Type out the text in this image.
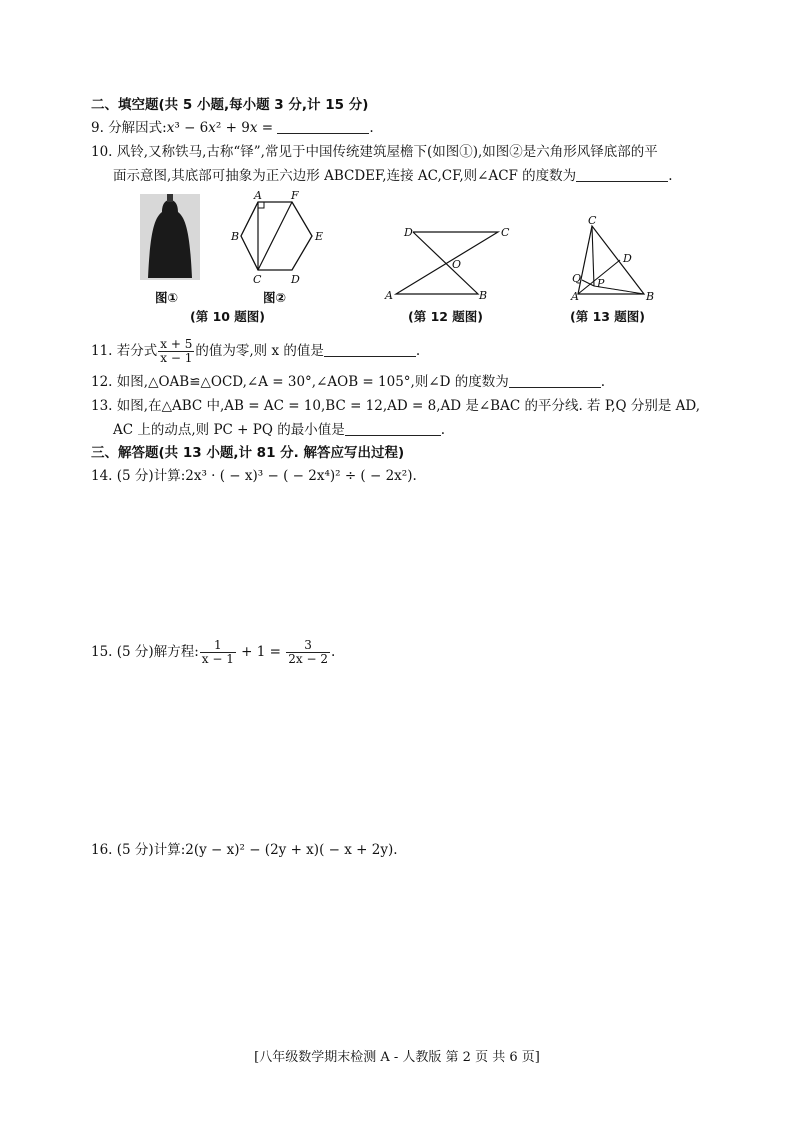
二、填空题(共 5 小题,每小题 3 分,计 15 分)
9. 分解因式:x³ − 6x² + 9x =	.
10. 风铃,又称铁马,古称“铎”,常见于中国传统建筑屋檐下(如图①),如图②是六角形风铎底部的平
面示意图,其底部可抽象为正六边形 ABCDEF,连接 AC,CF,则∠ACF 的度数为	.
图①
A	F
B	E
C	D
图②
(第 10 题图)
D	C
O
A	B
(第 12 题图)
C
D
Q P
A	B
(第 13 题图)
11. 若分式 $\frac{x + 5}{x - 1}$ 的值为零,则 x 的值是	.
12. 如图,△OAB≌△OCD,∠A = 30°,∠AOB = 105°,则∠D 的度数为	.
13. 如图,在△ABC 中,AB = AC = 10,BC = 12,AD = 8,AD 是∠BAC 的平分线. 若 P,Q 分别是 AD,
AC 上的动点,则 PC + PQ 的最小值是	.
三、解答题(共 13 小题,计 81 分. 解答应写出过程)
14. (5 分)计算:2x³ · ( − x)³ − ( − 2x⁴)² ÷ ( − 2x²).
15. (5 分)解方程: $\frac{1}{x - 1} + 1 = \frac{3}{2x - 2}$ .
16. (5 分)计算:2(y − x)² − (2y + x)( − x + 2y).
[八年级数学期末检测 A - 人教版 第 2 页 共 6 页]
